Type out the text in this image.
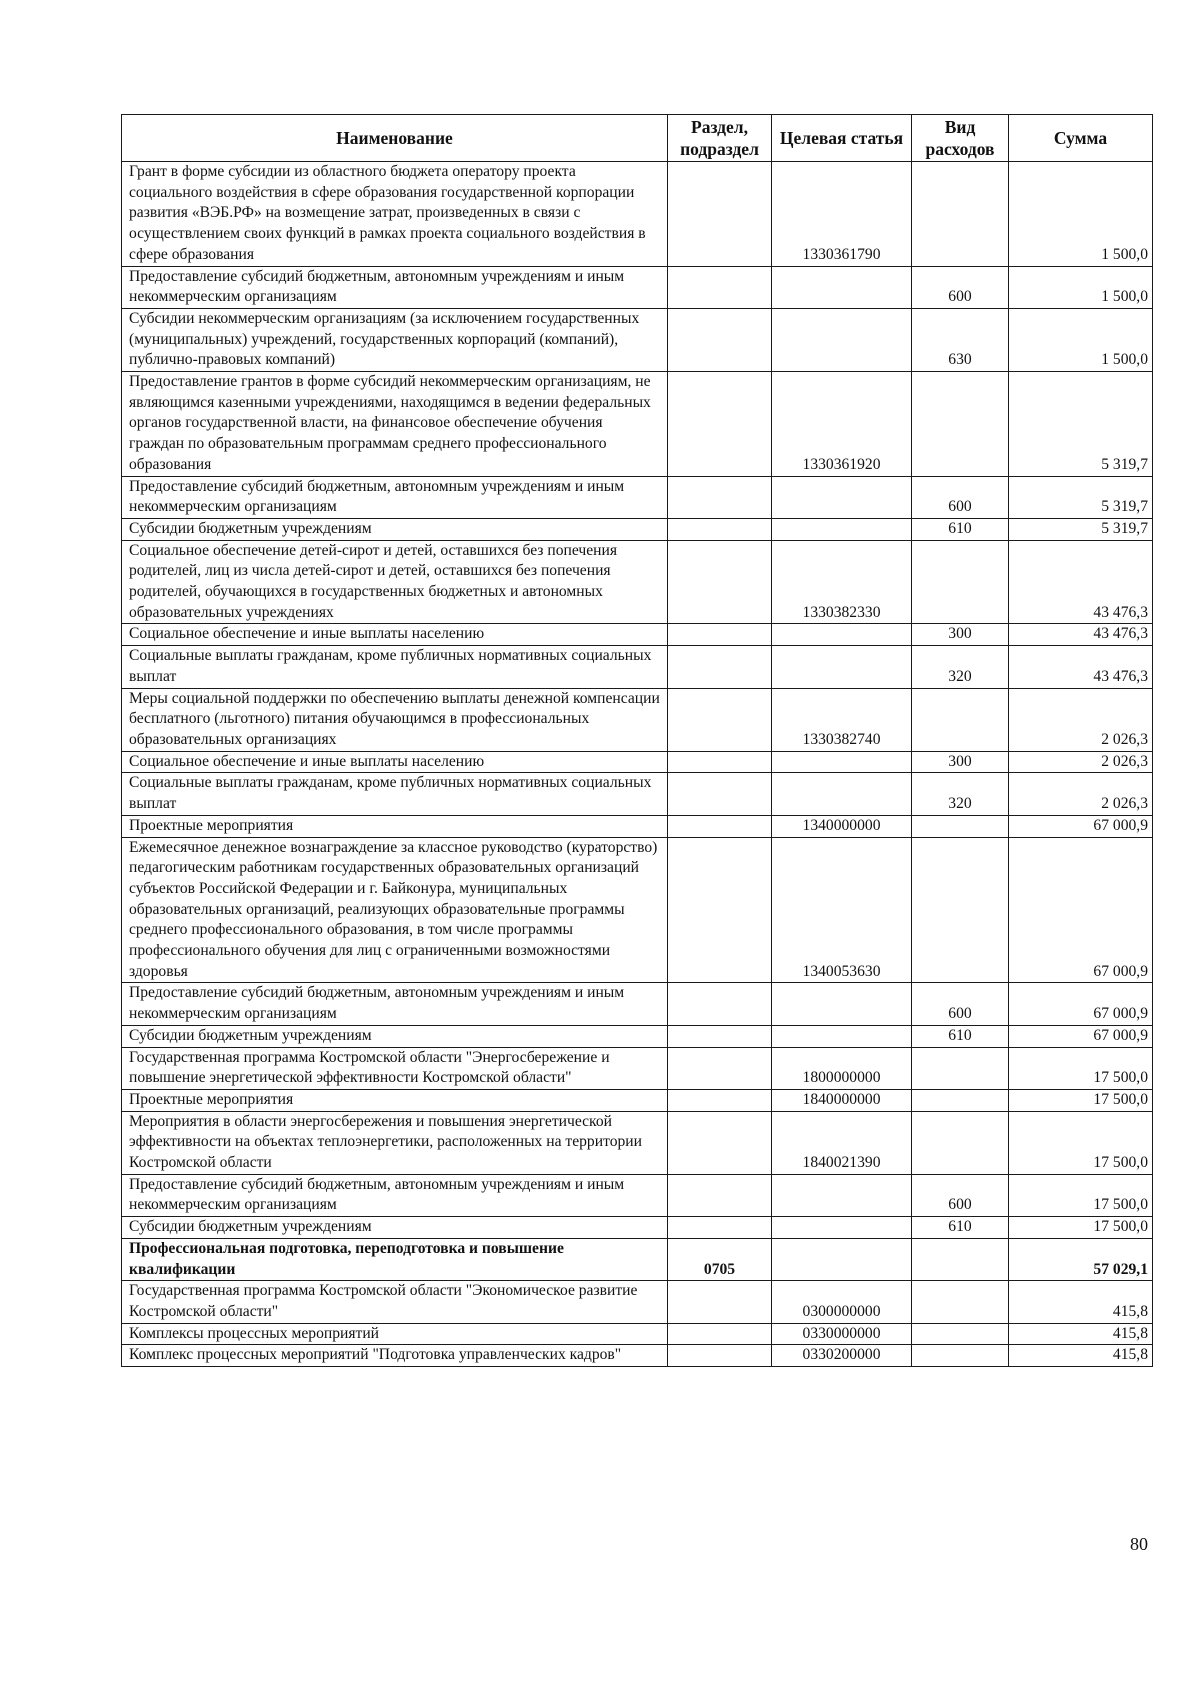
Наименование	Раздел, подраздел	Целевая статья	Вид расходов	Сумма
Грант в форме субсидии из областного бюджета оператору проекта социального воздействия в сфере образования государственной корпорации развития «ВЭБ.РФ» на возмещение затрат, произведенных в связи с осуществлением своих функций в рамках проекта социального воздействия в сфере образования		1330361790		1 500,0
Предоставление субсидий бюджетным, автономным учреждениям и иным некоммерческим организациям			600	1 500,0
Субсидии некоммерческим организациям (за исключением государственных (муниципальных) учреждений, государственных корпораций (компаний), публично-правовых компаний)			630	1 500,0
Предоставление грантов в форме субсидий некоммерческим организациям, не являющимся казенными учреждениями, находящимся в ведении федеральных органов государственной власти, на финансовое обеспечение обучения граждан по образовательным программам среднего профессионального образования		1330361920		5 319,7
Предоставление субсидий бюджетным, автономным учреждениям и иным некоммерческим организациям			600	5 319,7
Субсидии бюджетным учреждениям			610	5 319,7
Социальное обеспечение детей-сирот и детей, оставшихся без попечения родителей, лиц из числа детей-сирот и детей, оставшихся без попечения родителей, обучающихся в государственных бюджетных и автономных образовательных учреждениях		1330382330		43 476,3
Социальное обеспечение и иные выплаты населению			300	43 476,3
Социальные выплаты гражданам, кроме публичных нормативных социальных выплат			320	43 476,3
Меры социальной поддержки по обеспечению выплаты денежной компенсации бесплатного (льготного) питания обучающимся в профессиональных образовательных организациях		1330382740		2 026,3
Социальное обеспечение и иные выплаты населению			300	2 026,3
Социальные выплаты гражданам, кроме публичных нормативных социальных выплат			320	2 026,3
Проектные мероприятия		1340000000		67 000,9
Ежемесячное денежное вознаграждение за классное руководство (кураторство) педагогическим работникам государственных образовательных организаций субъектов Российской Федерации и г. Байконура, муниципальных образовательных организаций, реализующих образовательные программы среднего профессионального образования, в том числе программы профессионального обучения для лиц с ограниченными возможностями здоровья		1340053630		67 000,9
Предоставление субсидий бюджетным, автономным учреждениям и иным некоммерческим организациям			600	67 000,9
Субсидии бюджетным учреждениям			610	67 000,9
Государственная программа Костромской области "Энергосбережение и повышение энергетической эффективности Костромской области"		1800000000		17 500,0
Проектные мероприятия		1840000000		17 500,0
Мероприятия в области энергосбережения и повышения энергетической эффективности на объектах теплоэнергетики, расположенных на территории Костромской области		1840021390		17 500,0
Предоставление субсидий бюджетным, автономным учреждениям и иным некоммерческим организациям			600	17 500,0
Субсидии бюджетным учреждениям			610	17 500,0
Профессиональная подготовка, переподготовка и повышение квалификации	0705			57 029,1
Государственная программа Костромской области "Экономическое развитие Костромской области"		0300000000		415,8
Комплексы процессных мероприятий		0330000000		415,8
Комплекс процессных мероприятий "Подготовка управленческих кадров"		0330200000		415,8
80
